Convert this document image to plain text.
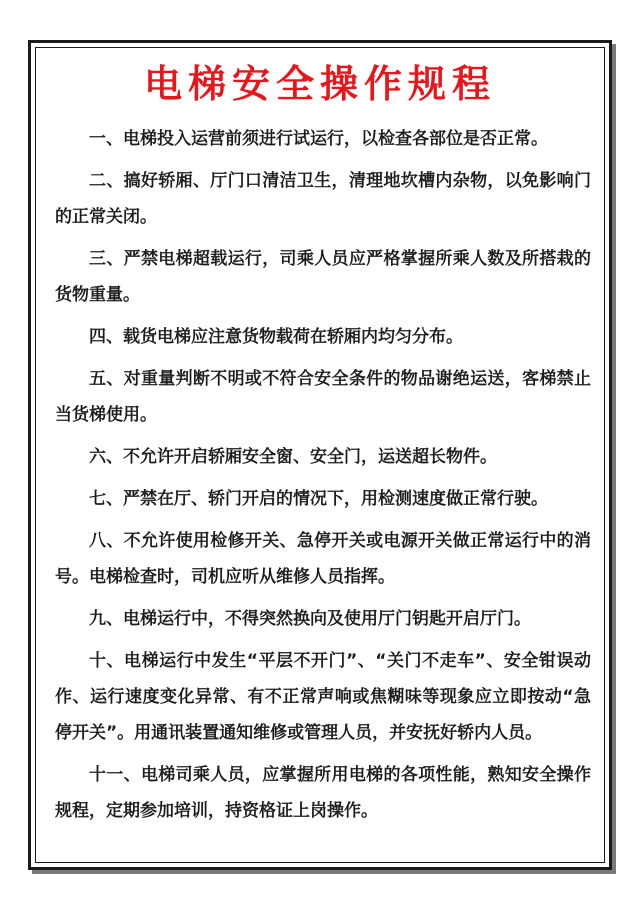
电梯安全操作规程

一、电梯投入运营前须进行试运行，以检查各部位是否正常。

二、搞好轿厢、厅门口清洁卫生，清理地坎槽内杂物，以免影响门的正常关闭。

三、严禁电梯超载运行，司乘人员应严格掌握所乘人数及所搭栽的货物重量。

四、载货电梯应注意货物载荷在轿厢内均匀分布。

五、对重量判断不明或不符合安全条件的物品谢绝运送，客梯禁止当货梯使用。

六、不允许开启轿厢安全窗、安全门，运送超长物件。

七、严禁在厅、轿门开启的情况下，用检测速度做正常行驶。

八、不允许使用检修开关、急停开关或电源开关做正常运行中的消号。电梯检查时，司机应听从维修人员指挥。

九、电梯运行中，不得突然换向及使用厅门钥匙开启厅门。

十、电梯运行中发生“平层不开门”、“关门不走车”、安全钳误动作、运行速度变化异常、有不正常声响或焦糊味等现象应立即按动“急停开关”。用通讯装置通知维修或管理人员，并安抚好轿内人员。

十一、电梯司乘人员，应掌握所用电梯的各项性能，熟知安全操作规程，定期参加培训，持资格证上岗操作。
